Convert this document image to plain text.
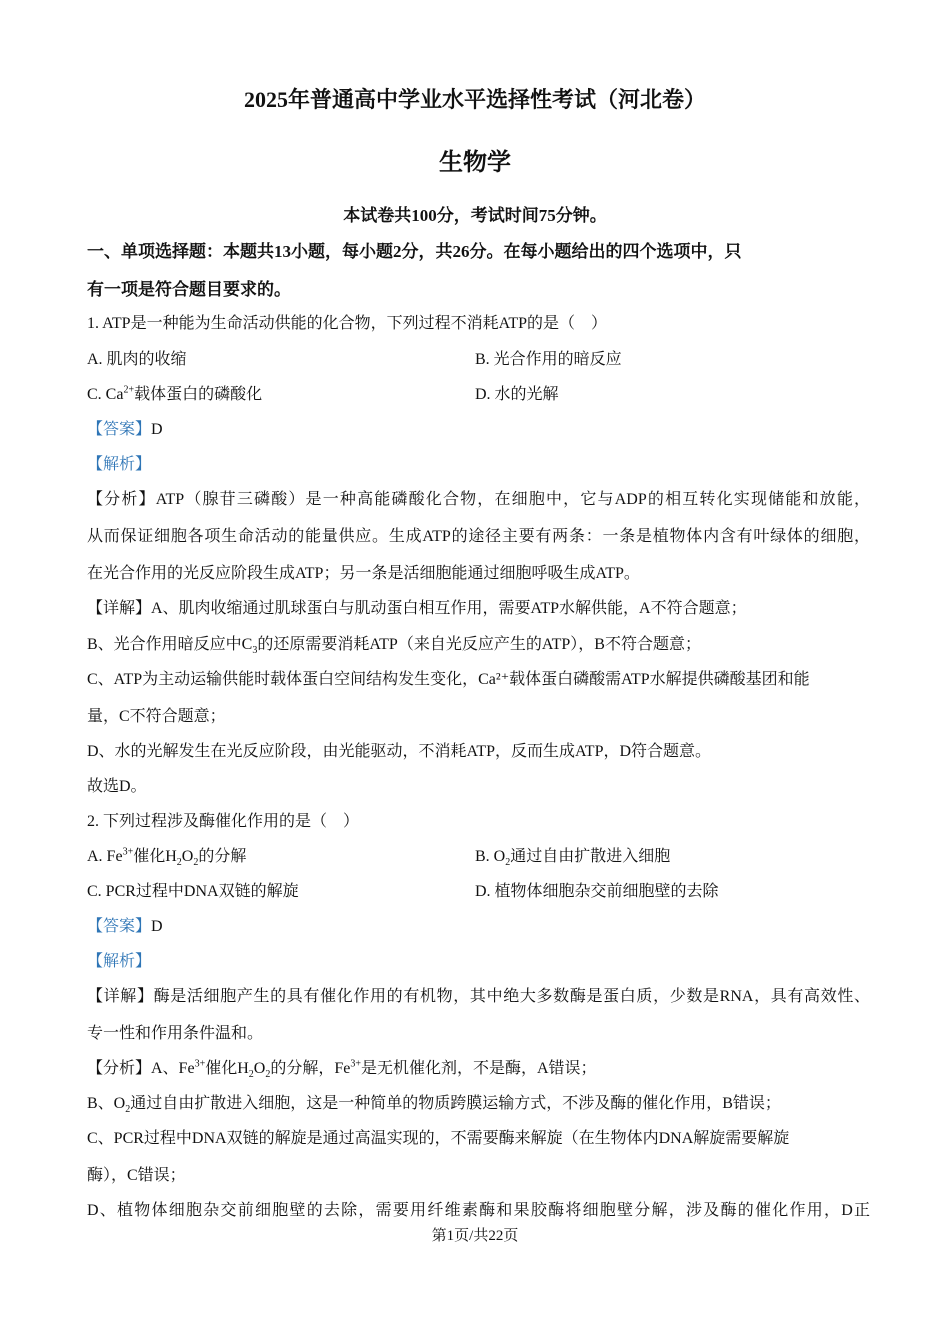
2025年普通高中学业水平选择性考试（河北卷）
生物学
本试卷共100分，考试时间75分钟。
一、单项选择题：本题共13小题，每小题2分，共26分。在每小题给出的四个选项中，只
有一项是符合题目要求的。
1. ATP是一种能为生命活动供能的化合物，下列过程不消耗ATP的是（　）
A. 肌肉的收缩	B. 光合作用的暗反应
C. $Ca^{2+}$载体蛋白的磷酸化	D. 水的光解
【答案】D
【解析】
【分析】ATP（腺苷三磷酸）是一种高能磷酸化合物，在细胞中，它与ADP的相互转化实现储能和放能，
从而保证细胞各项生命活动的能量供应。生成ATP的途径主要有两条：一条是植物体内含有叶绿体的细胞，
在光合作用的光反应阶段生成ATP；另一条是活细胞能通过细胞呼吸生成ATP。
【详解】A、肌肉收缩通过肌球蛋白与肌动蛋白相互作用，需要ATP水解供能，A不符合题意；
B、光合作用暗反应中$C_3$的还原需要消耗ATP（来自光反应产生的ATP），B不符合题意；
C、ATP为主动运输供能时载体蛋白空间结构发生变化，Ca²⁺载体蛋白磷酸需ATP水解提供磷酸基团和能
量，C不符合题意；
D、水的光解发生在光反应阶段，由光能驱动，不消耗ATP，反而生成ATP，D符合题意。
故选D。
2. 下列过程涉及酶催化作用的是（　）
A. $Fe^{3+}$催化$H_2O_2$的分解	B. $O_2$通过自由扩散进入细胞
C. PCR过程中DNA双链的解旋	D. 植物体细胞杂交前细胞壁的去除
【答案】D
【解析】
【详解】酶是活细胞产生的具有催化作用的有机物，其中绝大多数酶是蛋白质，少数是RNA，具有高效性、
专一性和作用条件温和。
【分析】A、$Fe^{3+}$催化$H_2O_2$的分解，$Fe^{3+}$是无机催化剂，不是酶，A错误；
B、$O_2$通过自由扩散进入细胞，这是一种简单的物质跨膜运输方式，不涉及酶的催化作用，B错误；
C、PCR过程中DNA双链的解旋是通过高温实现的，不需要酶来解旋（在生物体内DNA解旋需要解旋
酶），C错误；
D、植物体细胞杂交前细胞壁的去除，需要用纤维素酶和果胶酶将细胞壁分解，涉及酶的催化作用，D正
第1页/共22页
